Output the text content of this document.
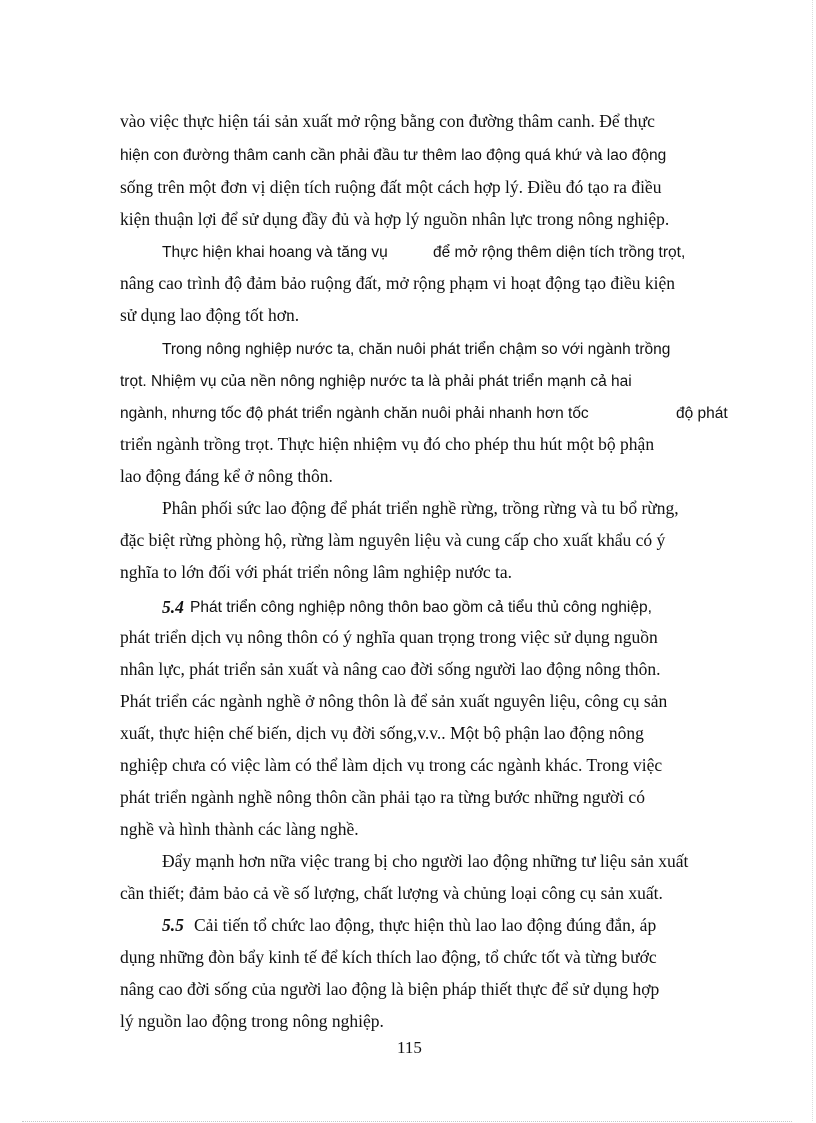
vào việc thực hiện tái sản xuất mở rộng bằng con đường thâm canh. Để thực
hiện con đường thâm canh cần phải đầu tư thêm lao động quá khứ và lao động
sống trên một đơn vị diện tích ruộng đất một cách hợp lý. Điều đó tạo ra điều
kiện thuận lợi để sử dụng đầy đủ và hợp lý nguồn nhân lực trong nông nghiệp.
Thực hiện khai hoang và tăng vụ	để mở rộng thêm diện tích trồng trọt,
nâng cao trình độ đảm bảo ruộng đất, mở rộng phạm vi hoạt động tạo điều kiện
sử dụng lao động tốt hơn.
Trong nông nghiệp nước ta, chăn nuôi phát triển chậm so với ngành trồng
trọt. Nhiệm vụ của nền nông nghiệp nước ta là phải phát triển mạnh cả hai
ngành, nhưng tốc độ phát triển ngành chăn nuôi phải nhanh hơn tốc	độ phát
triển ngành trồng trọt. Thực hiện nhiệm vụ đó cho phép thu hút một bộ phận
lao động đáng kể ở nông thôn.
Phân phối sức lao động để phát triển nghề rừng, trồng rừng và tu bổ rừng,
đặc biệt rừng phòng hộ, rừng làm nguyên liệu và cung cấp cho xuất khẩu có ý
nghĩa to lớn đối với phát triển nông lâm nghiệp nước ta.
5.4 Phát triển công nghiệp nông thôn bao gồm cả tiểu thủ công nghiệp,
phát triển dịch vụ nông thôn có ý nghĩa quan trọng trong việc sử dụng nguồn
nhân lực, phát triển sản xuất và nâng cao đời sống người lao động nông thôn.
Phát triển các ngành nghề ở nông thôn là để sản xuất nguyên liệu, công cụ sản
xuất, thực hiện chế biến, dịch vụ đời sống,v.v.. Một bộ phận lao động nông
nghiệp chưa có việc làm có thể làm dịch vụ trong các ngành khác. Trong việc
phát triển ngành nghề nông thôn cần phải tạo ra từng bước những người có
nghề và hình thành các làng nghề.
Đẩy mạnh hơn nữa việc trang bị cho người lao động những tư liệu sản xuất
cần thiết; đảm bảo cả về số lượng, chất lượng và chủng loại công cụ sản xuất.
5.5 Cải tiến tổ chức lao động, thực hiện thù lao lao động đúng đắn, áp
dụng những đòn bẩy kinh tế để kích thích lao động, tổ chức tốt và từng bước
nâng cao đời sống của người lao động là biện pháp thiết thực để sử dụng hợp
lý nguồn lao động trong nông nghiệp.
115
